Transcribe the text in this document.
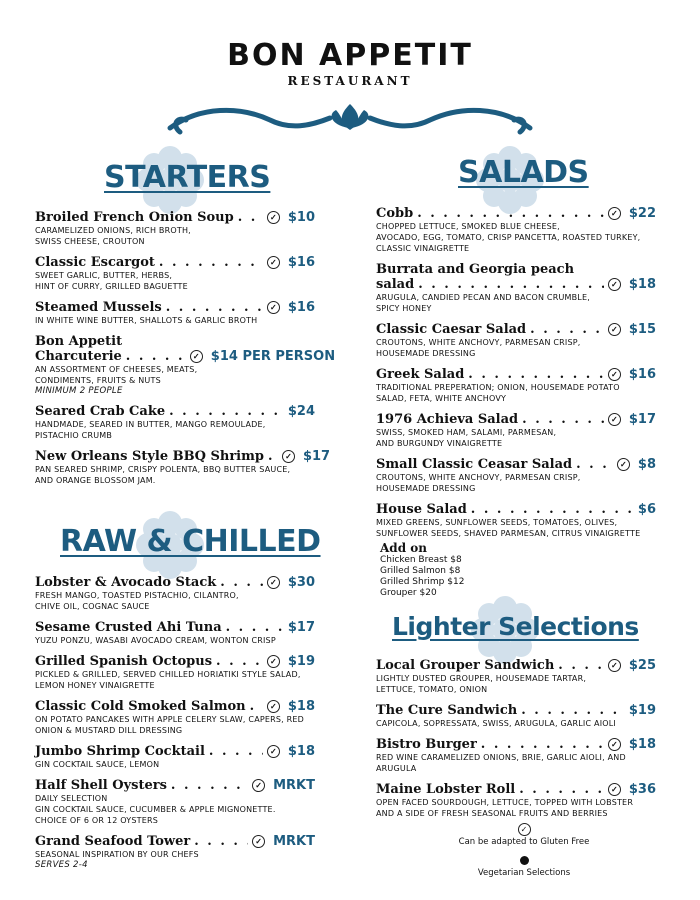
BON APPETIT
RESTAURANT
STARTERS	SALADS
RAW & CHILLED
Lighter Selections
Broiled French Onion Soup . . . ✓	$10
CARAMELIZED ONIONS, RICH BROTH,
SWISS CHEESE, CROUTON
Classic Escargot . . . ✓	$16
SWEET GARLIC, BUTTER, HERBS,
HINT OF CURRY, GRILLED BAGUETTE
Steamed Mussels . . . ✓	$16
IN WHITE WINE BUTTER, SHALLOTS & GARLIC BROTH
Bon Appetit
Charcuterie . . . ✓	$14 PER PERSON
AN ASSORTMENT OF CHEESES, MEATS,
CONDIMENTS, FRUITS & NUTS
MINIMUM 2 PEOPLE
Seared Crab Cake . . .	$24
HANDMADE, SEARED IN BUTTER, MANGO REMOULADE,
PISTACHIO CRUMB
New Orleans Style BBQ Shrimp . . . ✓	$17
PAN SEARED SHRIMP, CRISPY POLENTA, BBQ BUTTER SAUCE,
AND ORANGE BLOSSOM JAM.
Lobster & Avocado Stack . . . ✓	$30
FRESH MANGO, TOASTED PISTACHIO, CILANTRO,
CHIVE OIL, COGNAC SAUCE
Sesame Crusted Ahi Tuna . . .	$17
YUZU PONZU, WASABI AVOCADO CREAM, WONTON CRISP
Grilled Spanish Octopus . . . ✓	$19
PICKLED & GRILLED, SERVED CHILLED HORIATIKI STYLE SALAD,
LEMON HONEY VINAIGRETTE
Classic Cold Smoked Salmon . . . ✓	$18
ON POTATO PANCAKES WITH APPLE CELERY SLAW, CAPERS, RED
ONION & MUSTARD DILL DRESSING
Jumbo Shrimp Cocktail . . . ✓	$18
GIN COCKTAIL SAUCE, LEMON
Half Shell Oysters . . . ✓	MRKT
DAILY SELECTION
GIN COCKTAIL SAUCE, CUCUMBER & APPLE MIGNONETTE.
CHOICE OF 6 OR 12 OYSTERS
Grand Seafood Tower . . . ✓	MRKT
SEASONAL INSPIRATION BY OUR CHEFS
SERVES 2-4
Cobb . . . ✓	$22
CHOPPED LETTUCE, SMOKED BLUE CHEESE,
AVOCADO, EGG, TOMATO, CRISP PANCETTA, ROASTED TURKEY,
CLASSIC VINAIGRETTE
Burrata and Georgia peach
salad . . . ✓	$18
ARUGULA, CANDIED PECAN AND BACON CRUMBLE,
SPICY HONEY
Classic Caesar Salad . . . ✓	$15
CROUTONS, WHITE ANCHOVY, PARMESAN CRISP,
HOUSEMADE DRESSING
Greek Salad . . . ✓	$16
TRADITIONAL PREPERATION; ONION, HOUSEMADE POTATO
SALAD, FETA, WHITE ANCHOVY
1976 Achieva Salad . . . ✓	$17
SWISS, SMOKED HAM, SALAMI, PARMESAN,
AND BURGUNDY VINAIGRETTE
Small Classic Ceasar Salad . . . ✓	$8
CROUTONS, WHITE ANCHOVY, PARMESAN CRISP,
HOUSEMADE DRESSING
House Salad . . .	$6
MIXED GREENS, SUNFLOWER SEEDS, TOMATOES, OLIVES,
SUNFLOWER SEEDS, SHAVED PARMESAN, CITRUS VINAIGRETTE
Add on
Chicken Breast $8
Grilled Salmon $8
Grilled Shrimp $12
Grouper $20
Local Grouper Sandwich . . . ✓	$25
LIGHTLY DUSTED GROUPER, HOUSEMADE TARTAR,
LETTUCE, TOMATO, ONION
The Cure Sandwich . . .	$19
CAPICOLA, SOPRESSATA, SWISS, ARUGULA, GARLIC AIOLI
Bistro Burger . . . ✓	$18
RED WINE CARAMELIZED ONIONS, BRIE, GARLIC AIOLI, AND
ARUGULA
Maine Lobster Roll . . . ✓	$36
OPEN FACED SOURDOUGH, LETTUCE, TOPPED WITH LOBSTER
AND A SIDE OF FRESH SEASONAL FRUITS AND BERRIES
✓
Can be adapted to Gluten Free
Vegetarian Selections
